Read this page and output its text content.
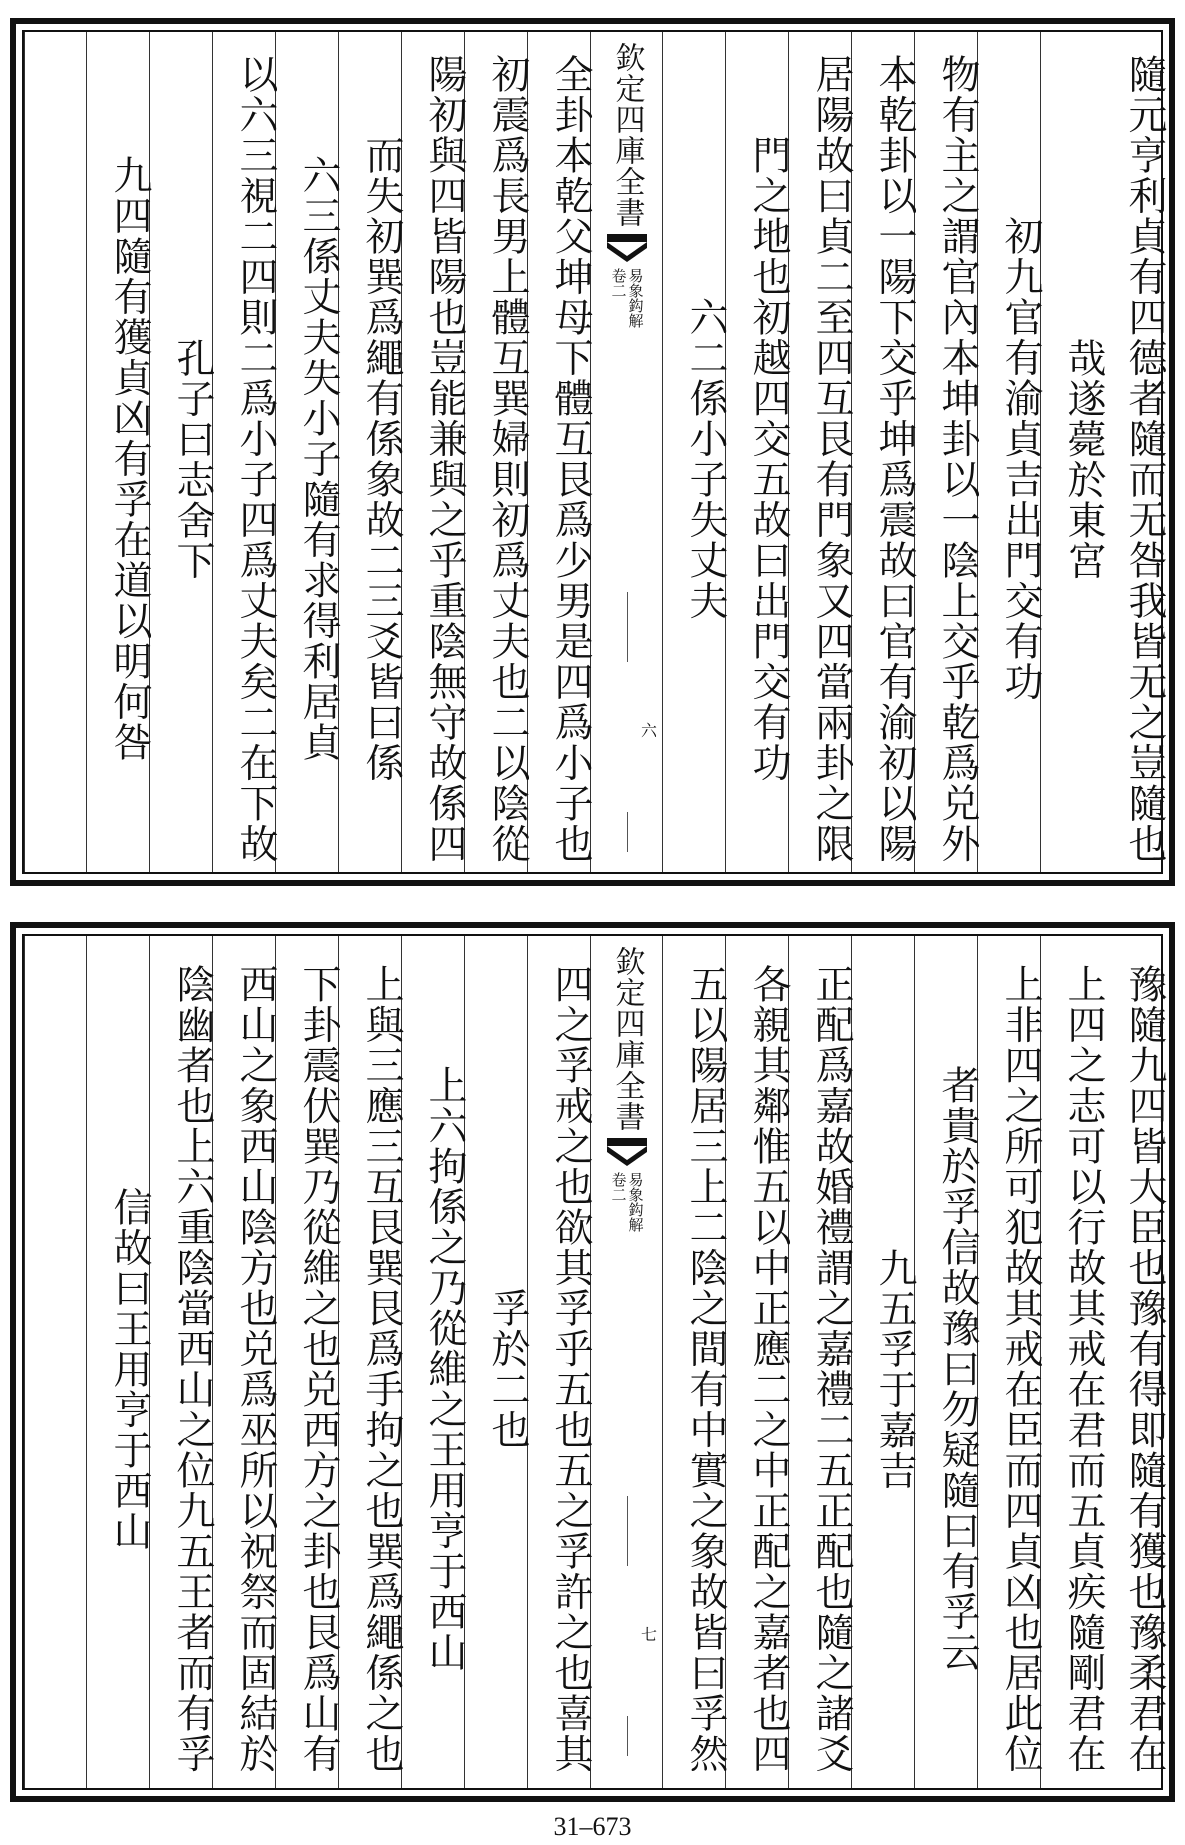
隨元亨利貞有四德者隨而无咎我皆无之豈隨也
哉遂薨於東宮
初九官有渝貞吉出門交有功
物有主之謂官內本坤卦以一陰上交乎乾爲兑外
本乾卦以一陽下交乎坤爲震故曰官有渝初以陽
居陽故曰貞二至四互艮有門象又四當兩卦之限
門之地也初越四交五故曰出門交有功
六二係小子失丈夫
欽定四庫全書
易象鈎解
卷二
六
全卦本乾父坤母下體互艮爲少男是四爲小子也
初震爲長男上體互巽婦則初爲丈夫也二以陰從
陽初與四皆陽也豈能兼與之乎重陰無守故係四
而失初巽爲繩有係象故二三爻皆曰係
六三係丈夫失小子隨有求得利居貞
以六三視二四則二爲小子四爲丈夫矣二在下故
孔子曰志舍下
九四隨有獲貞凶有孚在道以明何咎
豫隨九四皆大臣也豫有得即隨有獲也豫柔君在
上四之志可以行故其戒在君而五貞疾隨剛君在
上非四之所可犯故其戒在臣而四貞凶也居此位
者貴於孚信故豫曰勿疑隨曰有孚云
九五孚于嘉吉
正配爲嘉故婚禮謂之嘉禮二五正配也隨之諸爻
各親其鄰惟五以中正應二之中正配之嘉者也四
五以陽居三上二陰之間有中實之象故皆曰孚然
欽定四庫全書
易象鈎解
卷二
七
四之孚戒之也欲其孚乎五也五之孚許之也喜其
孚於二也
上六拘係之乃從維之王用亨于西山
上與三應三互艮巽艮爲手拘之也巽爲繩係之也
下卦震伏巽乃從維之也兑西方之卦也艮爲山有
西山之象西山陰方也兑爲巫所以祝祭而固結於
陰幽者也上六重陰當西山之位九五王者而有孚
信故曰王用亨于西山
31–673
